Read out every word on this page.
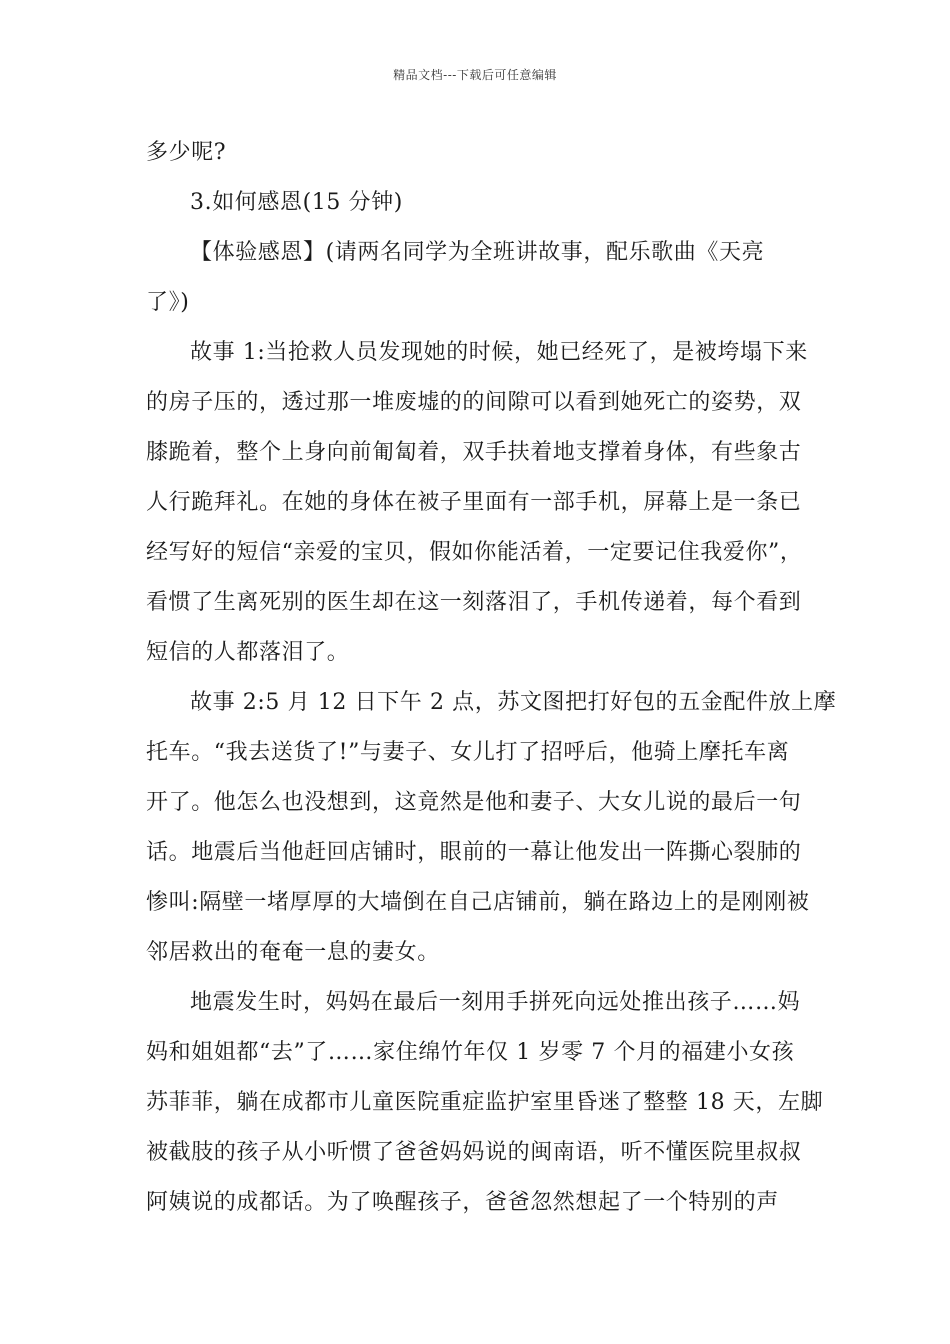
精品文档---下载后可任意编辑
多少呢?
3.如何感恩(15 分钟)
【体验感恩】(请两名同学为全班讲故事，配乐歌曲《天亮
了》)
故事 1:当抢救人员发现她的时候，她已经死了，是被垮塌下来
的房子压的，透过那一堆废墟的的间隙可以看到她死亡的姿势，双
膝跪着，整个上身向前匍匐着，双手扶着地支撑着身体，有些象古
人行跪拜礼。在她的身体在被子里面有一部手机，屏幕上是一条已
经写好的短信“亲爱的宝贝，假如你能活着，一定要记住我爱你”，
看惯了生离死别的医生却在这一刻落泪了，手机传递着，每个看到
短信的人都落泪了。
故事 2:5 月 12 日下午 2 点，苏文图把打好包的五金配件放上摩
托车。“我去送货了!”与妻子、女儿打了招呼后，他骑上摩托车离
开了。他怎么也没想到，这竟然是他和妻子、大女儿说的最后一句
话。地震后当他赶回店铺时，眼前的一幕让他发出一阵撕心裂肺的
惨叫:隔壁一堵厚厚的大墙倒在自己店铺前，躺在路边上的是刚刚被
邻居救出的奄奄一息的妻女。
地震发生时，妈妈在最后一刻用手拼死向远处推出孩子……妈
妈和姐姐都“去”了……家住绵竹年仅 1 岁零 7 个月的福建小女孩
苏菲菲，躺在成都市儿童医院重症监护室里昏迷了整整 18 天，左脚
被截肢的孩子从小听惯了爸爸妈妈说的闽南语，听不懂医院里叔叔
阿姨说的成都话。为了唤醒孩子，爸爸忽然想起了一个特别的声
